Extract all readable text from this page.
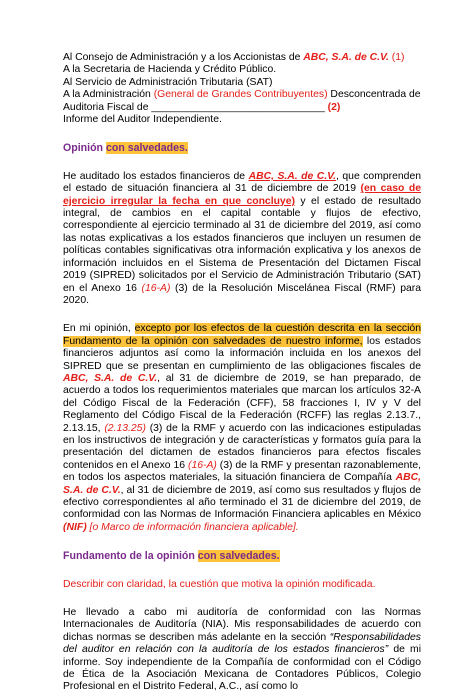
Al Consejo de Administración y a los Accionistas de ABC, S.A. de C.V. (1)

A la Secretaria de Hacienda y Crédito Público.

Al Servicio de Administración Tributaria (SAT)

A la Administración (General de Grandes Contribuyentes) Desconcentrada de

Auditoria Fiscal de ______________________________ (2)

Informe del Auditor Independiente.

Opinión con salvedades.

He auditado los estados financieros de ABC, S.A. de C.V., que comprenden el estado de situación financiera al 31 de diciembre de 2019 (en caso de ejercicio irregular la fecha en que concluye) y el estado de resultado integral, de cambios en el capital contable y flujos de efectivo, correspondiente al ejercicio terminado al 31 de diciembre del 2019, así como las notas explicativas a los estados financieros que incluyen un resumen de políticas contables significativas otra información explicativa y los anexos de información incluidos en el Sistema de Presentación del Dictamen Fiscal 2019 (SIPRED) solicitados por el Servicio de Administración Tributario (SAT) en el Anexo 16 (16-A) (3) de la Resolución Miscelánea Fiscal (RMF) para 2020.

En mi opinión, excepto por los efectos de la cuestión descrita en la sección Fundamento de la opinión con salvedades de nuestro informe, los estados financieros adjuntos así como la información incluida en los anexos del SIPRED que se presentan en cumplimiento de las obligaciones fiscales de ABC, S.A. de C.V., al 31 de diciembre de 2019, se han preparado, de acuerdo a todos los requerimientos materiales que marcan los artículos 32-A del Código Fiscal de la Federación (CFF), 58 fracciones I, IV y V del Reglamento del Código Fiscal de la Federación (RCFF) las reglas 2.13.7., 2.13.15, (2.13.25) (3) de la RMF y acuerdo con las indicaciones estipuladas en los instructivos de integración y de características y formatos guía para la presentación del dictamen de estados financieros para efectos fiscales contenidos en el Anexo 16 (16-A) (3) de la RMF y presentan razonablemente, en todos los aspectos materiales, la situación financiera de Compañía ABC, S.A. de C.V., al 31 de diciembre de 2019, así como sus resultados y flujos de efectivo correspondientes al año terminado el 31 de diciembre del 2019, de conformidad con las Normas de Información Financiera aplicables en México (NIF) [o Marco de información financiera aplicable].

Fundamento de la opinión con salvedades.

Describir con claridad, la cuestión que motiva la opinión modificada.

He llevado a cabo mi auditoría de conformidad con las Normas Internacionales de Auditoría (NIA). Mis responsabilidades de acuerdo con dichas normas se describen más adelante en la sección “Responsabilidades del auditor en relación con la auditoría de los estados financieros” de mi informe. Soy independiente de la Compañía de conformidad con el Código de Ética de la Asociación Mexicana de Contadores Públicos, Colegio Profesional en el Distrito Federal, A.C., así como lo
